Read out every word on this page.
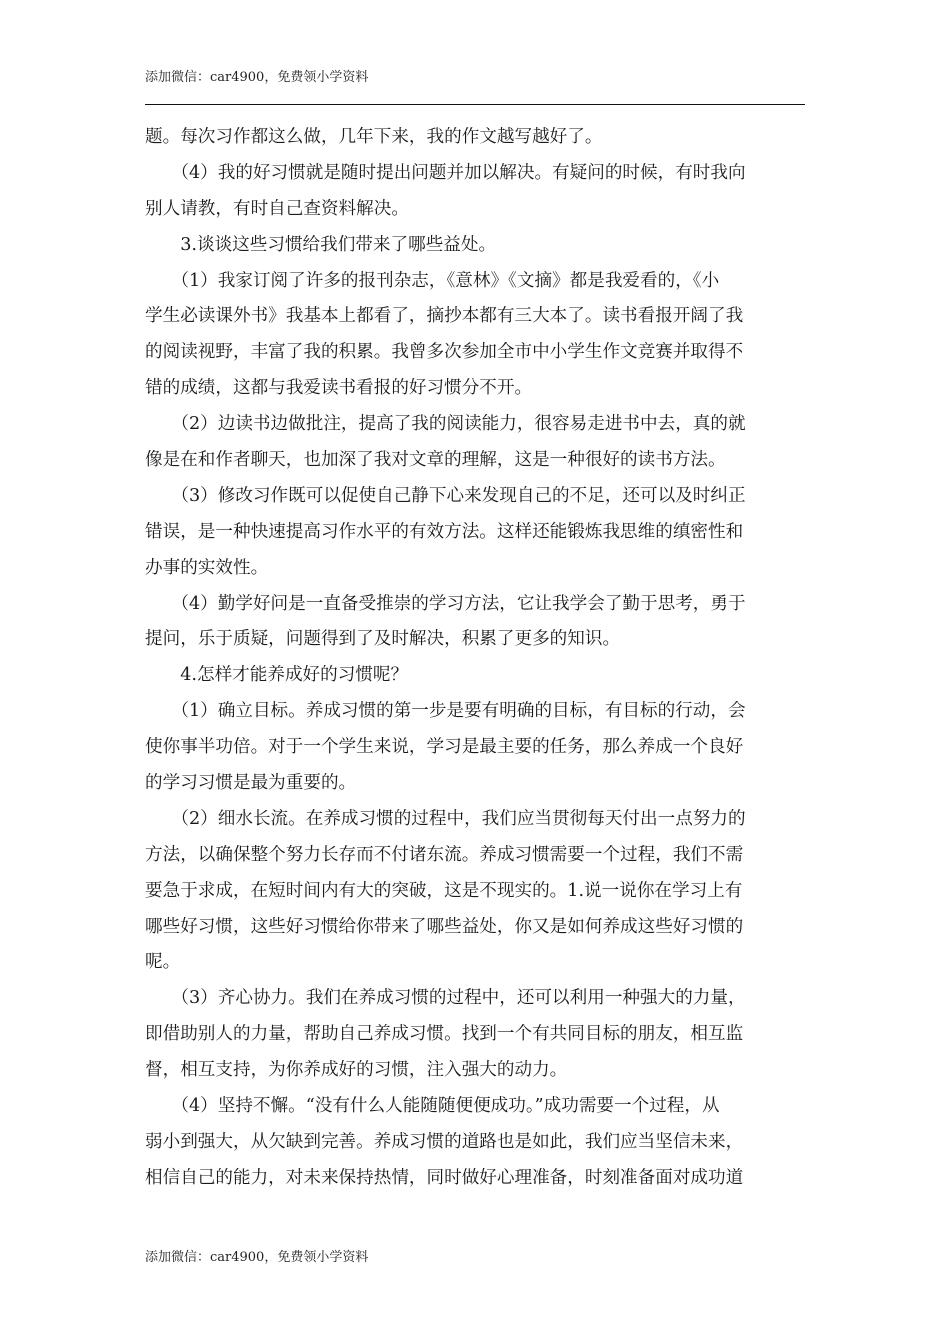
添加微信：car4900，免费领小学资料
题。每次习作都这么做，几年下来，我的作文越写越好了。
　　（4）我的好习惯就是随时提出问题并加以解决。有疑问的时候，有时我向
别人请教，有时自己查资料解决。
　　3.谈谈这些习惯给我们带来了哪些益处。
　　（1）我家订阅了许多的报刊杂志，《意林》《文摘》都是我爱看的，《小
学生必读课外书》我基本上都看了，摘抄本都有三大本了。读书看报开阔了我
的阅读视野，丰富了我的积累。我曾多次参加全市中小学生作文竞赛并取得不
错的成绩，这都与我爱读书看报的好习惯分不开。
　　（2）边读书边做批注，提高了我的阅读能力，很容易走进书中去，真的就
像是在和作者聊天，也加深了我对文章的理解，这是一种很好的读书方法。
　　（3）修改习作既可以促使自己静下心来发现自己的不足，还可以及时纠正
错误，是一种快速提高习作水平的有效方法。这样还能锻炼我思维的缜密性和
办事的实效性。
　　（4）勤学好问是一直备受推崇的学习方法，它让我学会了勤于思考，勇于
提问，乐于质疑，问题得到了及时解决，积累了更多的知识。
　　4.怎样才能养成好的习惯呢？
　　（1）确立目标。养成习惯的第一步是要有明确的目标，有目标的行动，会
使你事半功倍。对于一个学生来说，学习是最主要的任务，那么养成一个良好
的学习习惯是最为重要的。
　　（2）细水长流。在养成习惯的过程中，我们应当贯彻每天付出一点努力的
方法，以确保整个努力长存而不付诸东流。养成习惯需要一个过程，我们不需
要急于求成，在短时间内有大的突破，这是不现实的。1.说一说你在学习上有
哪些好习惯，这些好习惯给你带来了哪些益处，你又是如何养成这些好习惯的
呢。
　　（3）齐心协力。我们在养成习惯的过程中，还可以利用一种强大的力量，
即借助别人的力量，帮助自己养成习惯。找到一个有共同目标的朋友，相互监
督，相互支持，为你养成好的习惯，注入强大的动力。
　　（4）坚持不懈。“没有什么人能随随便便成功。”成功需要一个过程，从
弱小到强大，从欠缺到完善。养成习惯的道路也是如此，我们应当坚信未来，
相信自己的能力，对未来保持热情，同时做好心理准备，时刻准备面对成功道
添加微信：car4900，免费领小学资料
